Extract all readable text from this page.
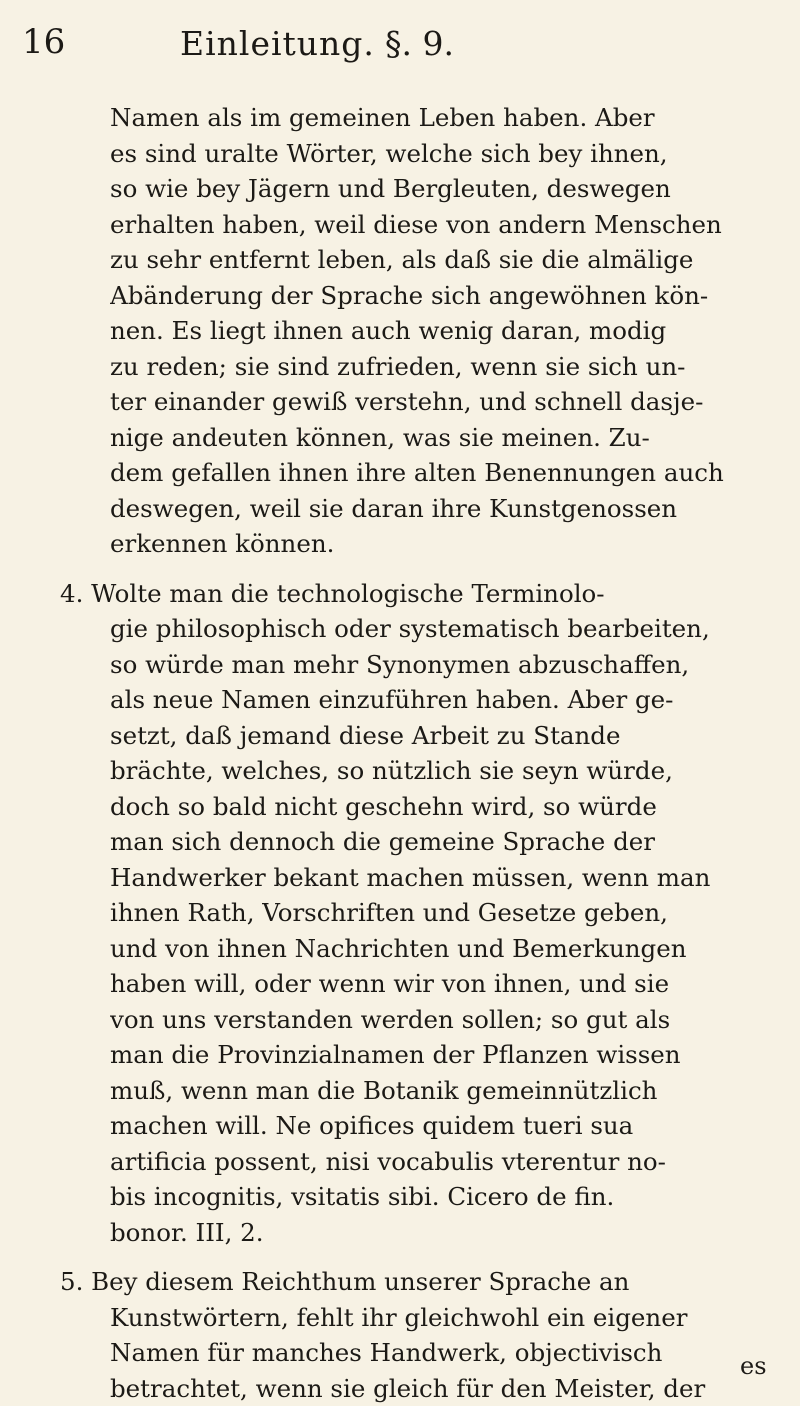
16	Einleitung. §. 9.
Namen als im gemeinen Leben haben. Aber
es sind uralte Wörter, welche sich bey ihnen,
so wie bey Jägern und Bergleuten, deswegen
erhalten haben, weil diese von andern Menschen
zu sehr entfernt leben, als daß sie die almälige
Abänderung der Sprache sich angewöhnen kön-
nen. Es liegt ihnen auch wenig daran, modig
zu reden; sie sind zufrieden, wenn sie sich un-
ter einander gewiß verstehn, und schnell dasje-
nige andeuten können, was sie meinen. Zu-
dem gefallen ihnen ihre alten Benennungen auch
deswegen, weil sie daran ihre Kunstgenossen
erkennen können.
4. Wolte man die technologische Terminolo-
gie philosophisch oder systematisch bearbeiten,
so würde man mehr Synonymen abzuschaffen,
als neue Namen einzuführen haben. Aber ge-
setzt, daß jemand diese Arbeit zu Stande
brächte, welches, so nützlich sie seyn würde,
doch so bald nicht geschehn wird, so würde
man sich dennoch die gemeine Sprache der
Handwerker bekant machen müssen, wenn man
ihnen Rath, Vorschriften und Gesetze geben,
und von ihnen Nachrichten und Bemerkungen
haben will, oder wenn wir von ihnen, und sie
von uns verstanden werden sollen; so gut als
man die Provinzialnamen der Pflanzen wissen
muß, wenn man die Botanik gemeinnützlich
machen will. Ne opifices quidem tueri sua
artificia possent, nisi vocabulis vterentur no-
bis incognitis, vsitatis sibi. Cicero de fin.
bonor. III, 2.
5. Bey diesem Reichthum unserer Sprache an
Kunstwörtern, fehlt ihr gleichwohl ein eigener
Namen für manches Handwerk, objectivisch
betrachtet, wenn sie gleich für den Meister, der
es
